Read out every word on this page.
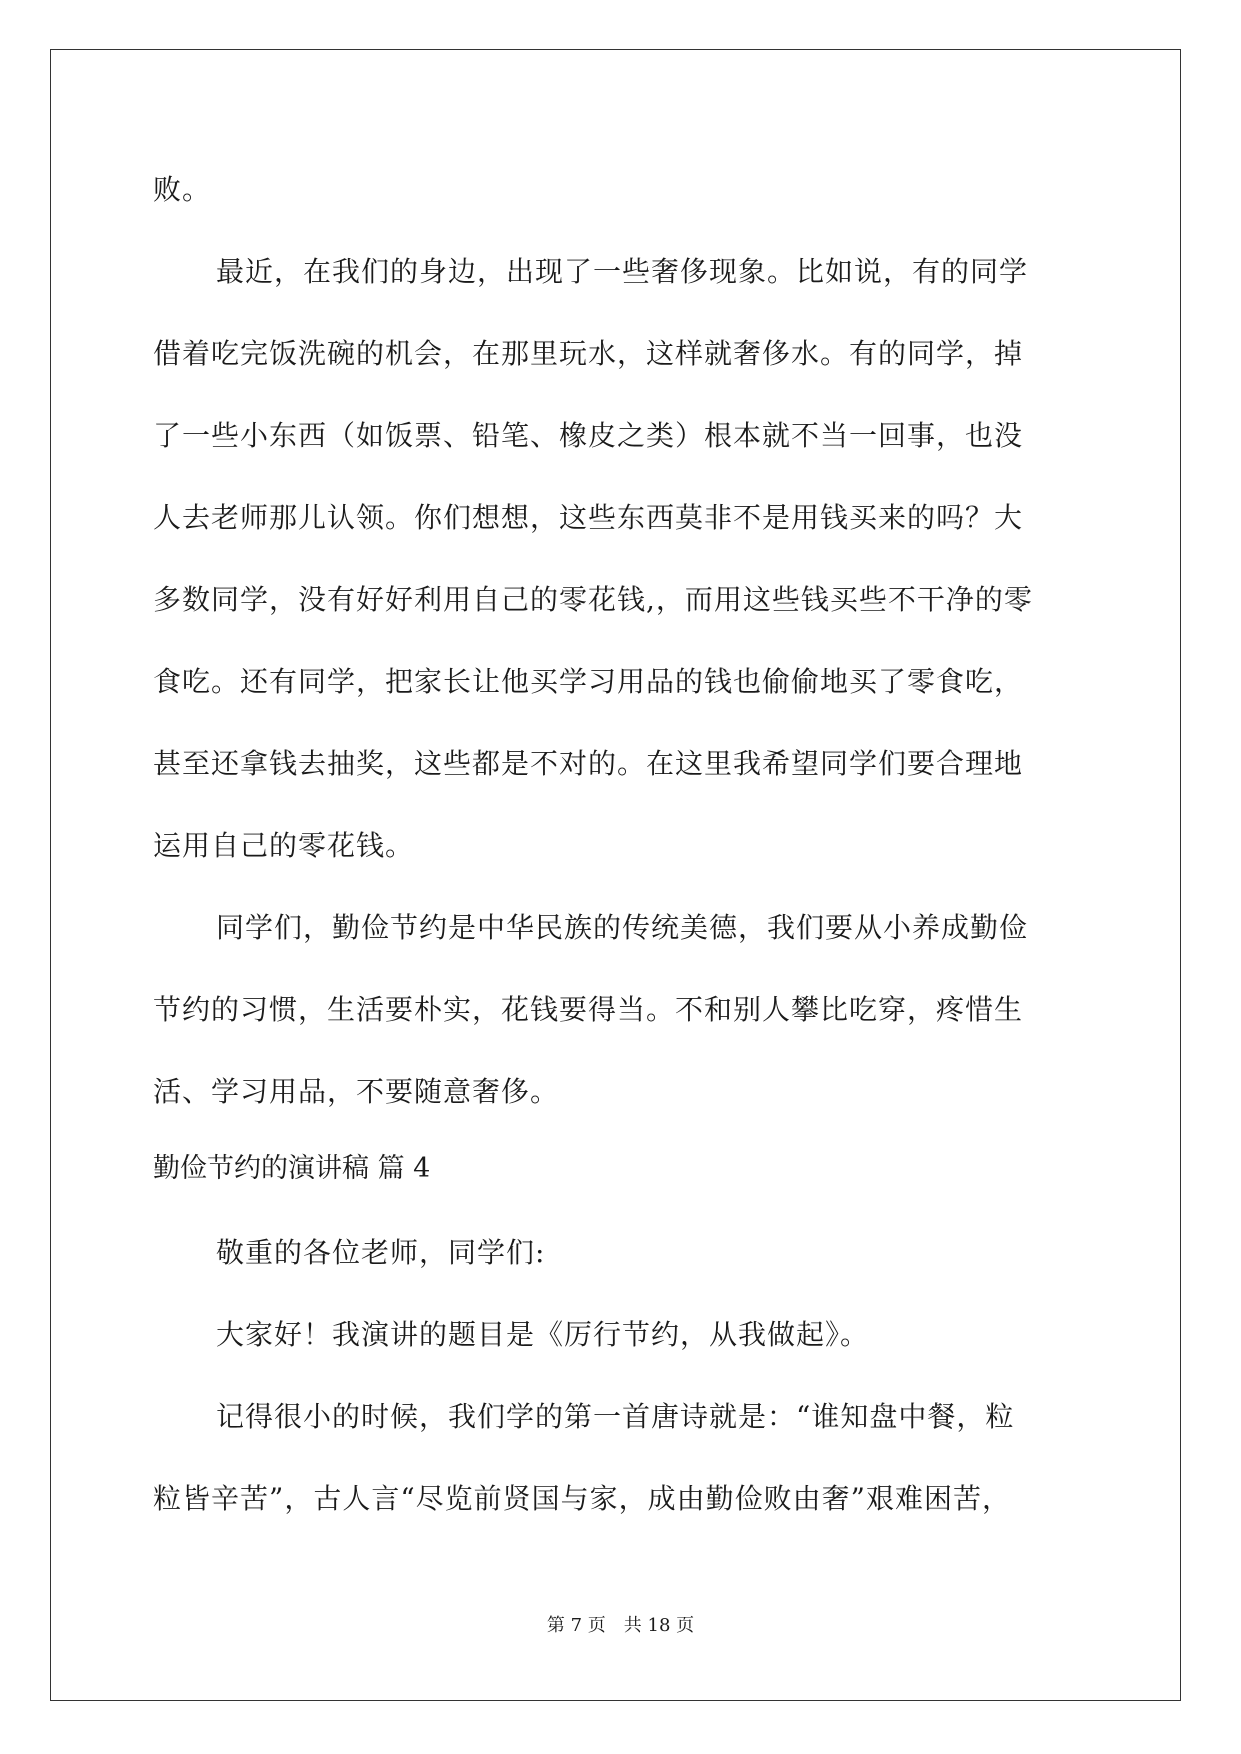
败。
最近，在我们的身边，出现了一些奢侈现象。比如说，有的同学
借着吃完饭洗碗的机会，在那里玩水，这样就奢侈水。有的同学，掉
了一些小东西（如饭票、铅笔、橡皮之类）根本就不当一回事，也没
人去老师那儿认领。你们想想，这些东西莫非不是用钱买来的吗？大
多数同学，没有好好利用自己的零花钱,，而用这些钱买些不干净的零
食吃。还有同学，把家长让他买学习用品的钱也偷偷地买了零食吃，
甚至还拿钱去抽奖，这些都是不对的。在这里我希望同学们要合理地
运用自己的零花钱。
同学们，勤俭节约是中华民族的传统美德，我们要从小养成勤俭
节约的习惯，生活要朴实，花钱要得当。不和别人攀比吃穿，疼惜生
活、学习用品，不要随意奢侈。
勤俭节约的演讲稿 篇 4
敬重的各位老师，同学们:
大家好！我演讲的题目是《厉行节约，从我做起》。
记得很小的时候，我们学的第一首唐诗就是：“谁知盘中餐，粒
粒皆辛苦”，古人言“尽览前贤国与家，成由勤俭败由奢”艰难困苦，
第 7 页　共 18 页
